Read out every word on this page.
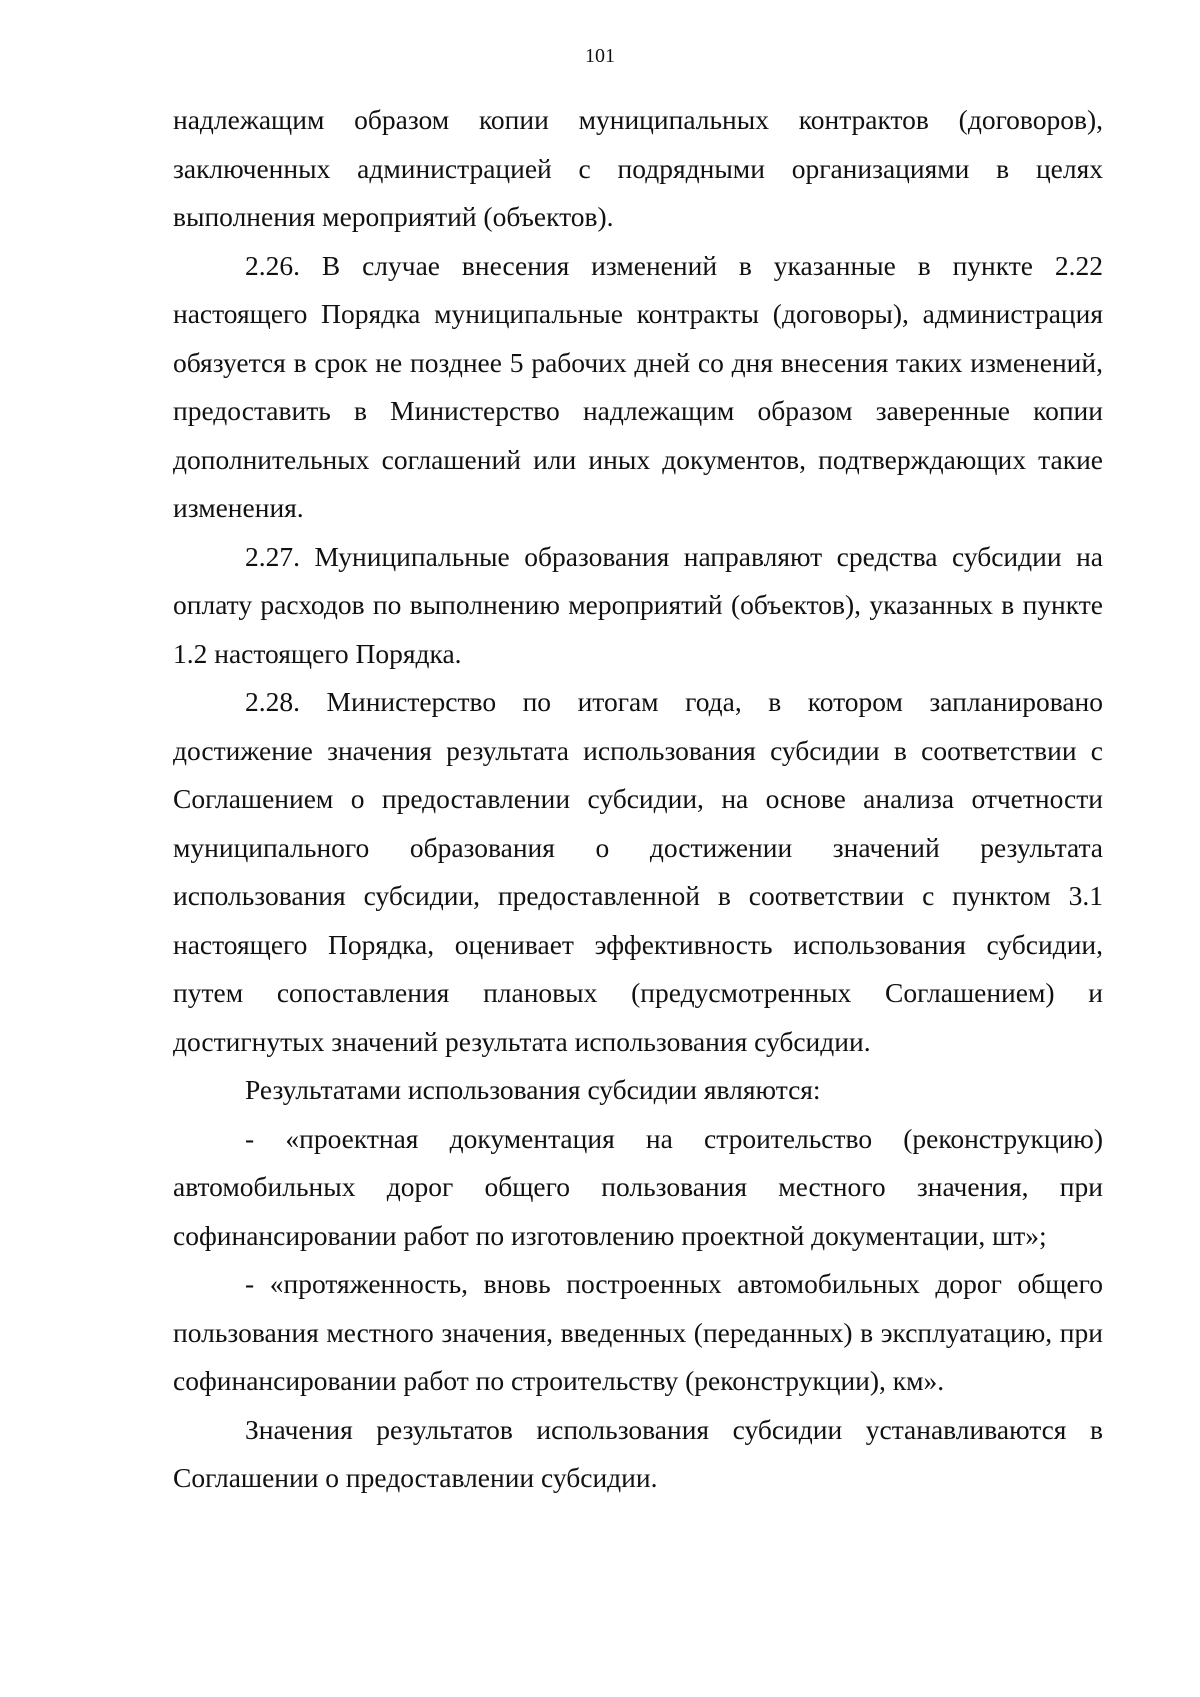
101

надлежащим образом копии муниципальных контрактов (договоров), заключенных администрацией с подрядными организациями в целях выполнения мероприятий (объектов).

2.26. В случае внесения изменений в указанные в пункте 2.22 настоящего Порядка муниципальные контракты (договоры), администрация обязуется в срок не позднее 5 рабочих дней со дня внесения таких изменений, предоставить в Министерство надлежащим образом заверенные копии дополнительных соглашений или иных документов, подтверждающих такие изменения.

2.27. Муниципальные образования направляют средства субсидии на оплату расходов по выполнению мероприятий (объектов), указанных в пункте 1.2 настоящего Порядка.

2.28. Министерство по итогам года, в котором запланировано достижение значения результата использования субсидии в соответствии с Соглашением о предоставлении субсидии, на основе анализа отчетности муниципального образования о достижении значений результата использования субсидии, предоставленной в соответствии с пунктом 3.1 настоящего Порядка, оценивает эффективность использования субсидии, путем сопоставления плановых (предусмотренных Соглашением) и достигнутых значений результата использования субсидии.

Результатами использования субсидии являются:

- «проектная документация на строительство (реконструкцию) автомобильных дорог общего пользования местного значения, при софинансировании работ по изготовлению проектной документации, шт»;

- «протяженность, вновь построенных автомобильных дорог общего пользования местного значения, введенных (переданных) в эксплуатацию, при софинансировании работ по строительству (реконструкции), км».

Значения результатов использования субсидии устанавливаются в Соглашении о предоставлении субсидии.
